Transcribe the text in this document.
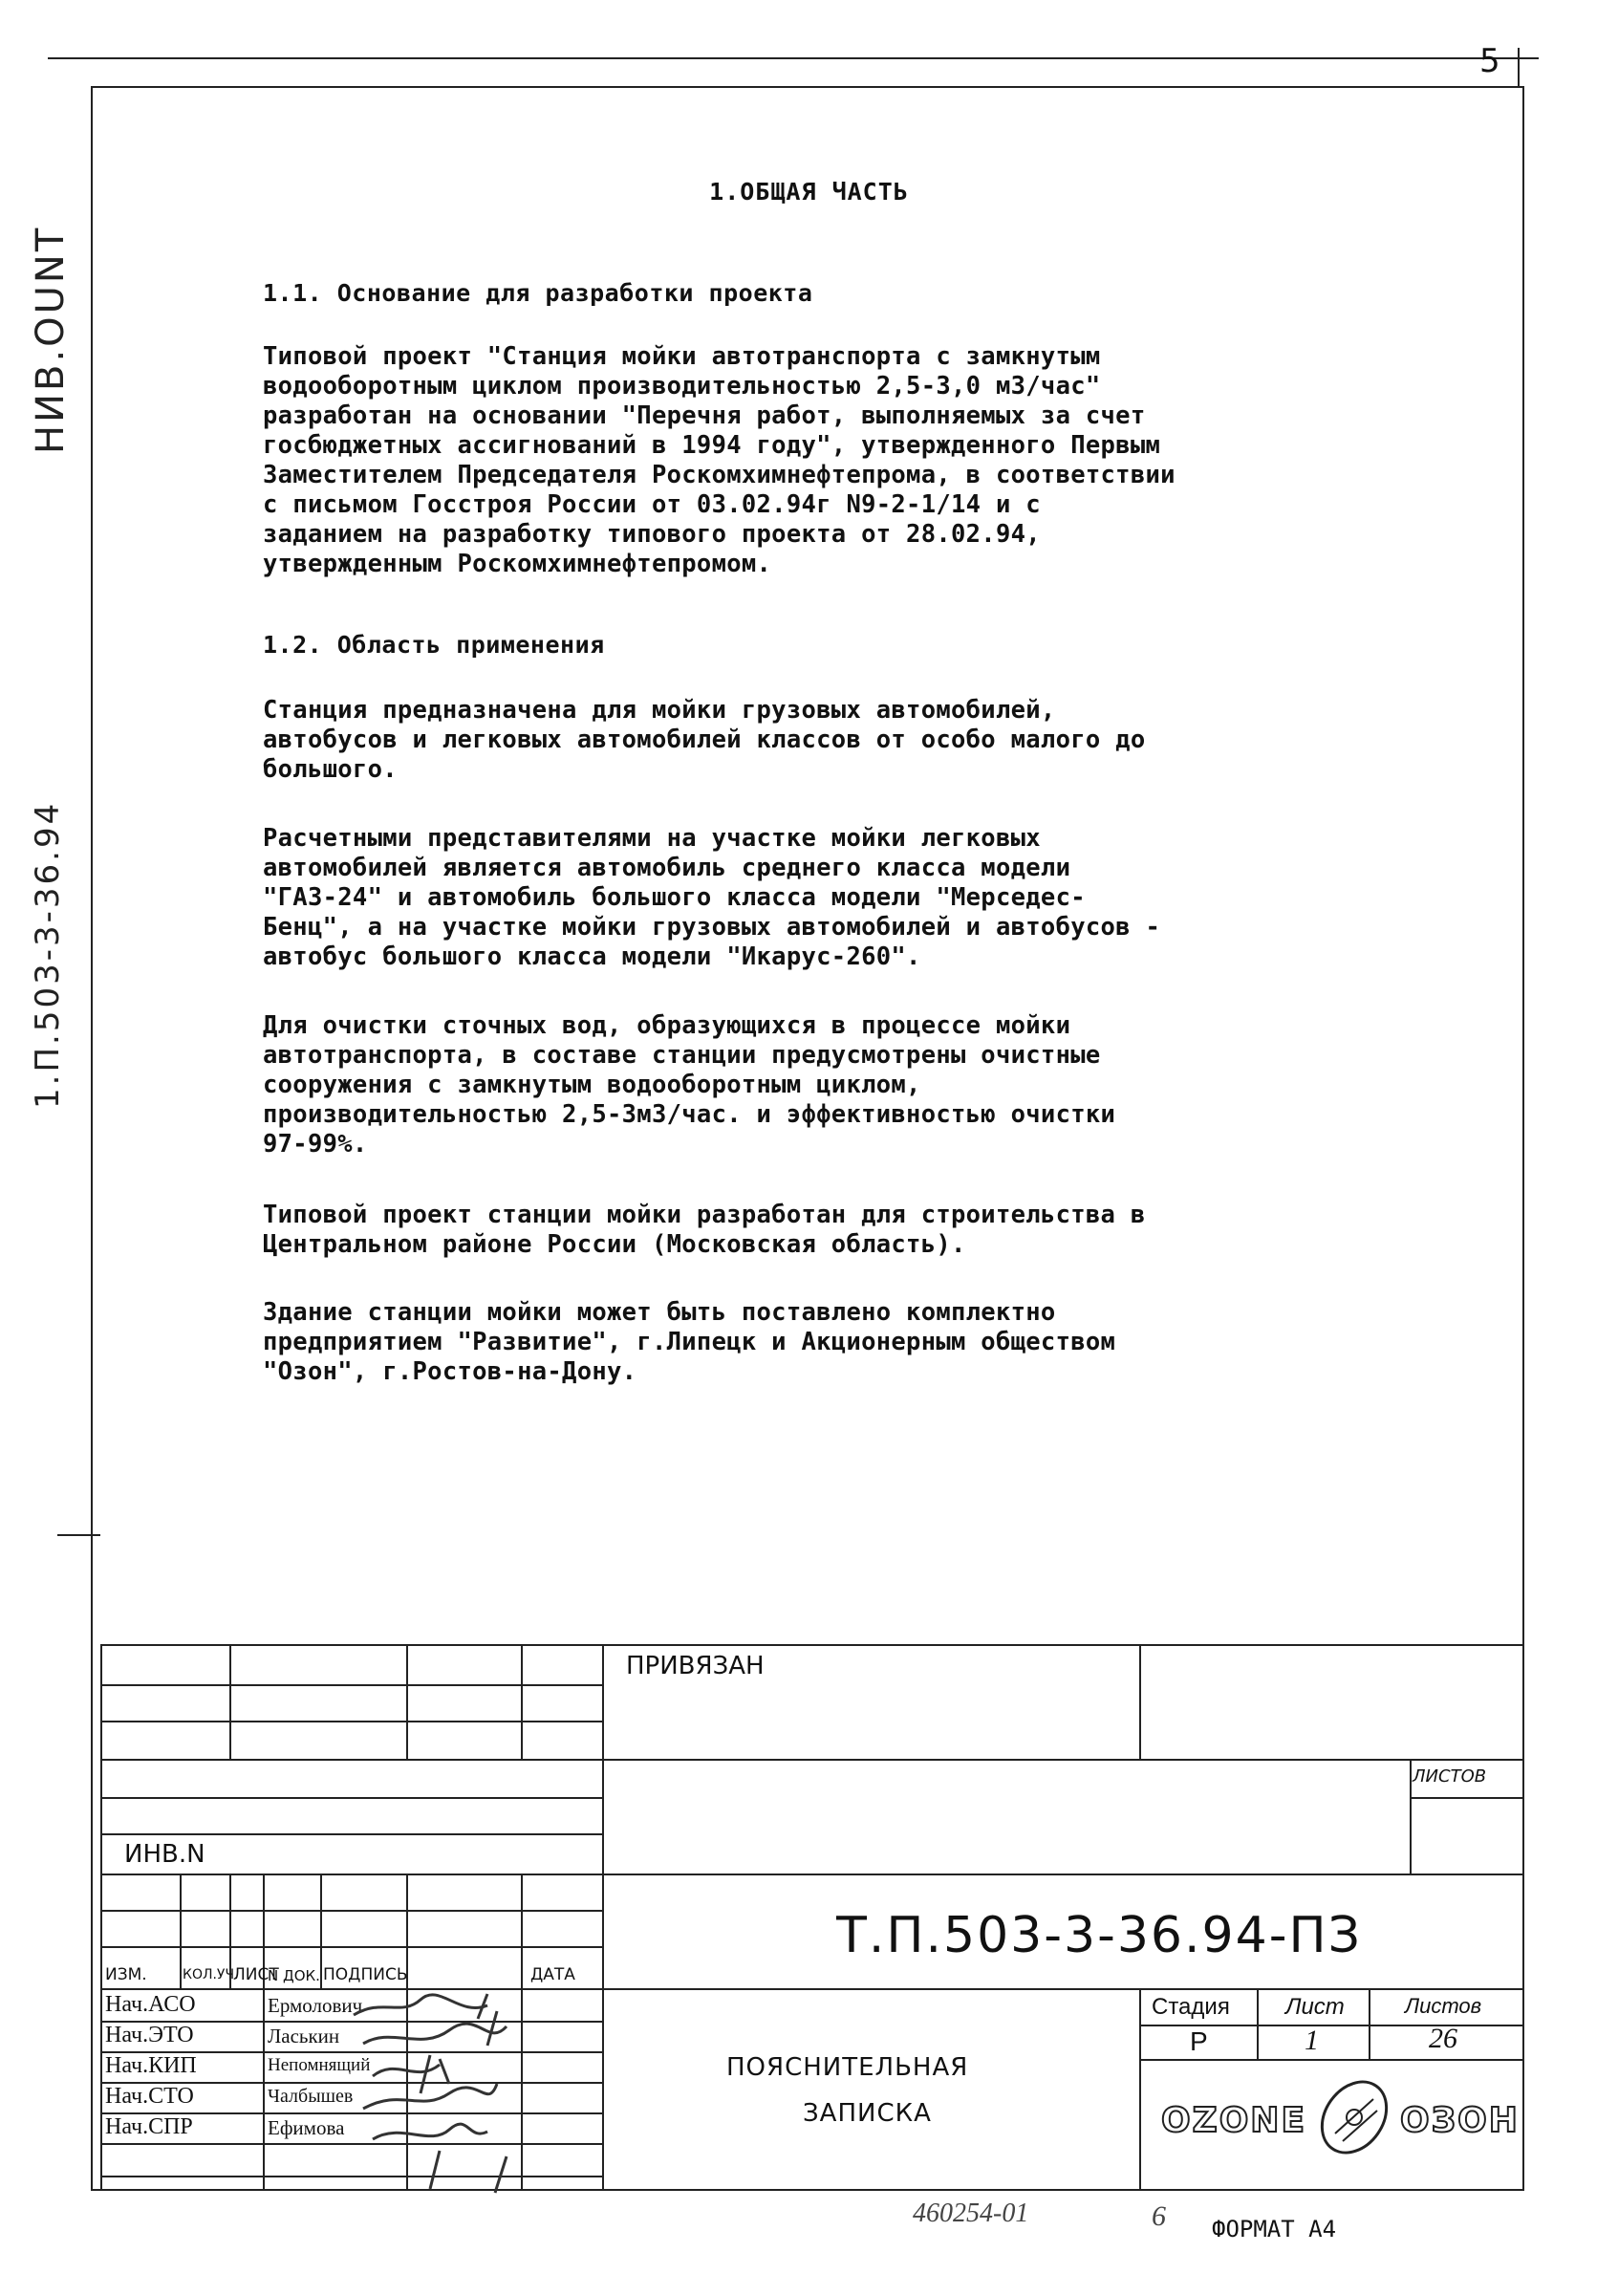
5
НИВ.ОUNT
1.П.503-3-36.94
1.ОБЩАЯ ЧАСТЬ
1.1. Основание для разработки проекта
Типовой проект "Станция мойки автотранспорта с замкнутым
водооборотным циклом производительностью 2,5-3,0 м3/час"
разработан на основании "Перечня работ, выполняемых за счет
госбюджетных ассигнований в 1994 году", утвержденного Первым
Заместителем Председателя Роскомхимнефтепрома, в соответствии
с письмом Госстроя России от 03.02.94г N9-2-1/14 и с
заданием на разработку типового проекта от 28.02.94,
утвержденным Роскомхимнефтепромом.
1.2. Область применения
Станция предназначена для мойки грузовых автомобилей,
автобусов и легковых автомобилей классов от особо малого до
большого.
Расчетными представителями на участке мойки легковых
автомобилей является автомобиль среднего класса модели
"ГАЗ-24" и автомобиль большого класса модели "Мерседес-
Бенц", а на участке мойки грузовых автомобилей и автобусов -
автобус большого класса модели "Икарус-260".
Для очистки сточных вод, образующихся в процессе мойки
автотранспорта, в составе станции предусмотрены очистные
сооружения с замкнутым водооборотным циклом,
производительностью 2,5-3м3/час. и эффективностью очистки
97-99%.
Типовой проект станции мойки разработан для строительства в
Центральном районе России (Московская область).
Здание станции мойки может быть поставлено комплектно
предприятием "Развитие", г.Липецк и Акционерным обществом
"Озон", г.Ростов-на-Дону.
ПРИВЯЗАН
ЛИСТОВ
ИНВ.N
Т.П.503-3-36.94-ПЗ
ИЗМ.	КОЛ.УЧ.
ЛИСТ
N ДОК. ПОДПИСЬ	ДАТА
Нач.АСО	Ермолович
Нач.ЭТО	Ласькин
Нач.КИП	Непомнящий
Нач.СТО	Чалбышев
Нач.СПР	Ефимова
ПОЯСНИТЕЛЬНАЯ
ЗАПИСКА
Стадия Лист	Листов
Р	1	26
OZONE	ОЗОН
460254-01	6 ФОРМАТ А4
